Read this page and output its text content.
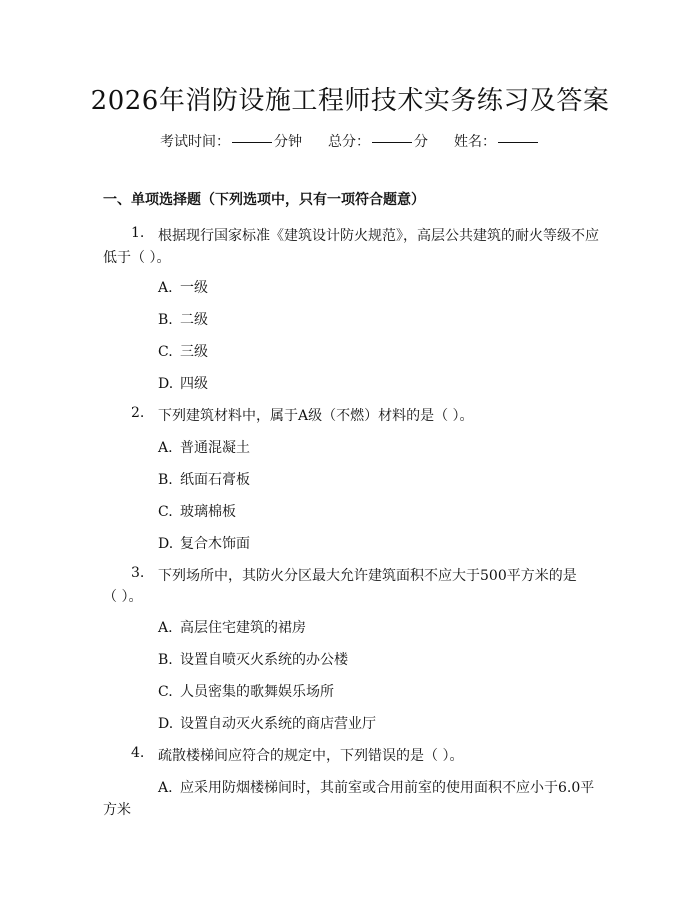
2026年消防设施工程师技术实务练习及答案
考试时间：	分钟 总分：	分 姓名：
一、单项选择题（下列选项中，只有一项符合题意）
1. 根据现行国家标准《建筑设计防火规范》，高层公共建筑的耐火等级不应
低于（ ）。
A. 一级
B. 二级
C. 三级
D. 四级
2. 下列建筑材料中，属于A级（不燃）材料的是（ ）。
A. 普通混凝土
B. 纸面石膏板
C. 玻璃棉板
D. 复合木饰面
3. 下列场所中，其防火分区最大允许建筑面积不应大于500平方米的是
（ ）。
A. 高层住宅建筑的裙房
B. 设置自喷灭火系统的办公楼
C. 人员密集的歌舞娱乐场所
D. 设置自动灭火系统的商店营业厅
4. 疏散楼梯间应符合的规定中，下列错误的是（ ）。
A. 应采用防烟楼梯间时，其前室或合用前室的使用面积不应小于6.0平
方米
